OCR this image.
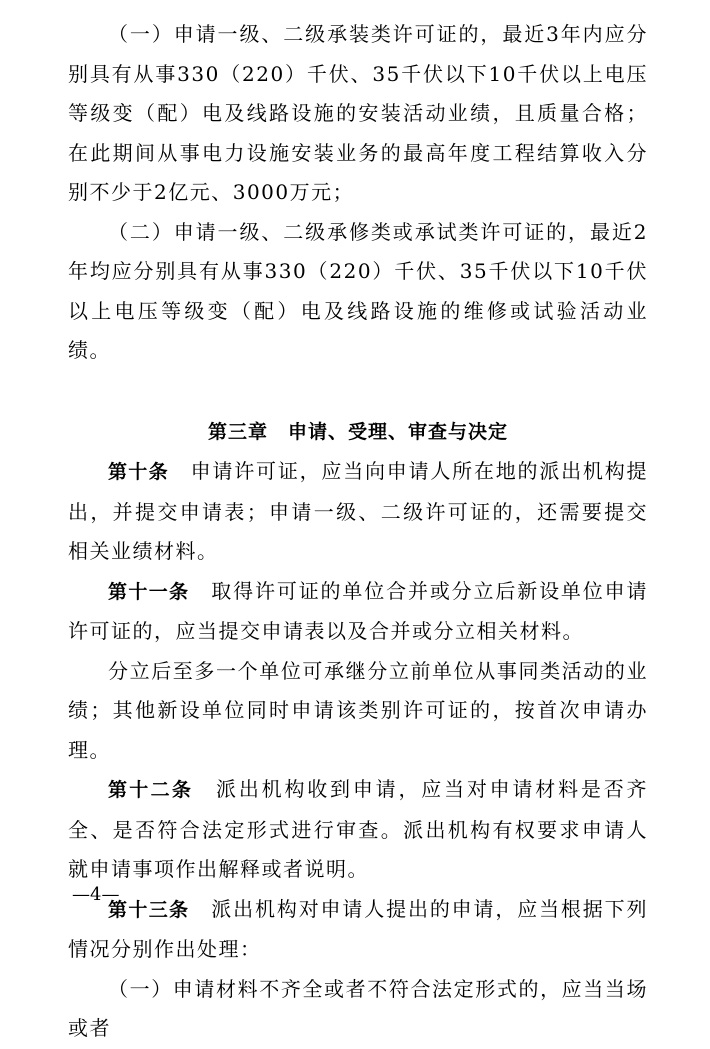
（一）申请一级、二级承装类许可证的，最近3年内应分别具有从事330（220）千伏、35千伏以下10千伏以上电压等级变（配）电及线路设施的安装活动业绩，且质量合格；在此期间从事电力设施安装业务的最高年度工程结算收入分别不少于2亿元、3000万元；

（二）申请一级、二级承修类或承试类许可证的，最近2年均应分别具有从事330（220）千伏、35千伏以下10千伏以上电压等级变（配）电及线路设施的维修或试验活动业绩。

第三章　申请、受理、审查与决定

第十条　 申请许可证，应当向申请人所在地的派出机构提出，并提交申请表；申请一级、二级许可证的，还需要提交相关业绩材料。

第十一条　 取得许可证的单位合并或分立后新设单位申请许可证的，应当提交申请表以及合并或分立相关材料。

分立后至多一个单位可承继分立前单位从事同类活动的业绩；其他新设单位同时申请该类别许可证的，按首次申请办理。

第十二条　 派出机构收到申请，应当对申请材料是否齐全、是否符合法定形式进行审查。派出机构有权要求申请人就申请事项作出解释或者说明。

第十三条　 派出机构对申请人提出的申请，应当根据下列情况分别作出处理：

（一）申请材料不齐全或者不符合法定形式的，应当当场或者

—4—
